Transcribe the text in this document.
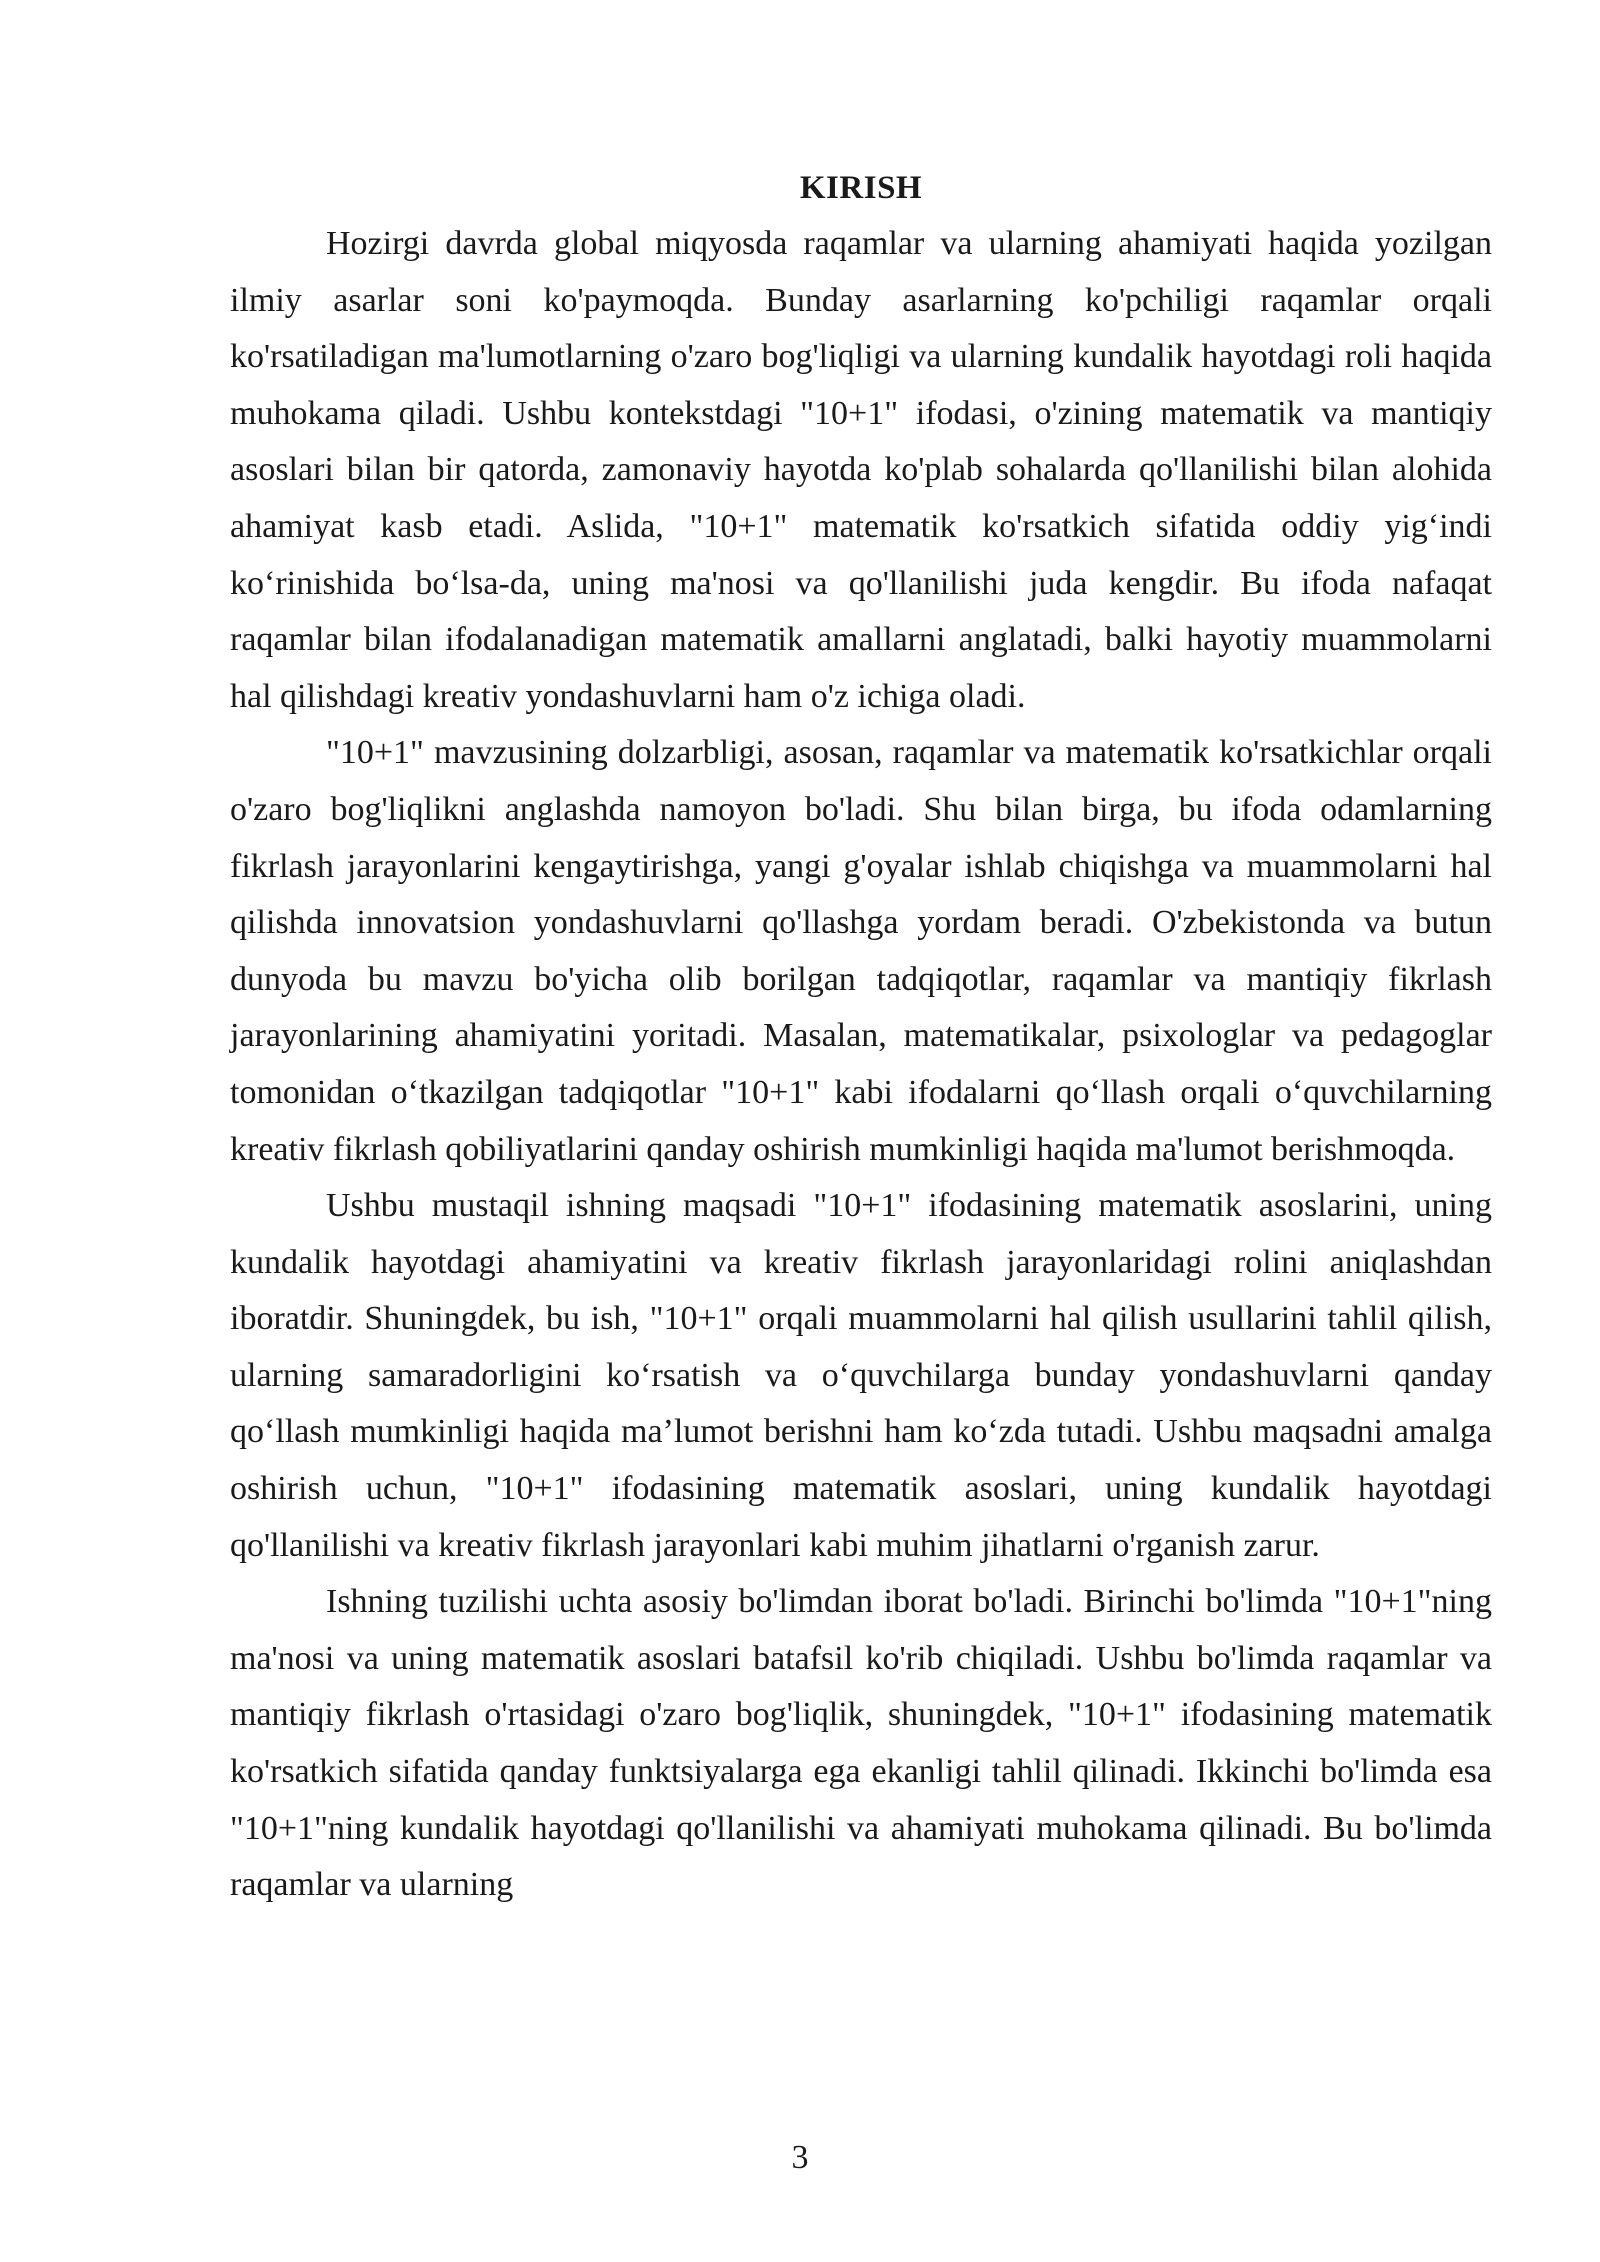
KIRISH

Hozirgi davrda global miqyosda raqamlar va ularning ahamiyati haqida yozilgan ilmiy asarlar soni ko'paymoqda. Bunday asarlarning ko'pchiligi raqamlar orqali ko'rsatiladigan ma'lumotlarning o'zaro bog'liqligi va ularning kundalik hayotdagi roli haqida muhokama qiladi. Ushbu kontekstdagi "10+1" ifodasi, o'zining matematik va mantiqiy asoslari bilan bir qatorda, zamonaviy hayotda ko'plab sohalarda qo'llanilishi bilan alohida ahamiyat kasb etadi. Aslida, "10+1" matematik ko'rsatkich sifatida oddiy yig‘indi ko‘rinishida bo‘lsa-da, uning ma'nosi va qo'llanilishi juda kengdir. Bu ifoda nafaqat raqamlar bilan ifodalanadigan matematik amallarni anglatadi, balki hayotiy muammolarni hal qilishdagi kreativ yondashuvlarni ham o'z ichiga oladi.

"10+1" mavzusining dolzarbligi, asosan, raqamlar va matematik ko'rsatkichlar orqali o'zaro bog'liqlikni anglashda namoyon bo'ladi. Shu bilan birga, bu ifoda odamlarning fikrlash jarayonlarini kengaytirishga, yangi g'oyalar ishlab chiqishga va muammolarni hal qilishda innovatsion yondashuvlarni qo'llashga yordam beradi. O'zbekistonda va butun dunyoda bu mavzu bo'yicha olib borilgan tadqiqotlar, raqamlar va mantiqiy fikrlash jarayonlarining ahamiyatini yoritadi. Masalan, matematikalar, psixologlar va pedagoglar tomonidan o‘tkazilgan tadqiqotlar "10+1" kabi ifodalarni qo‘llash orqali o‘quvchilarning kreativ fikrlash qobiliyatlarini qanday oshirish mumkinligi haqida ma'lumot berishmoqda.

Ushbu mustaqil ishning maqsadi "10+1" ifodasining matematik asoslarini, uning kundalik hayotdagi ahamiyatini va kreativ fikrlash jarayonlaridagi rolini aniqlashdan iboratdir. Shuningdek, bu ish, "10+1" orqali muammolarni hal qilish usullarini tahlil qilish, ularning samaradorligini ko‘rsatish va o‘quvchilarga bunday yondashuvlarni qanday qo‘llash mumkinligi haqida ma’lumot berishni ham ko‘zda tutadi. Ushbu maqsadni amalga oshirish uchun, "10+1" ifodasining matematik asoslari, uning kundalik hayotdagi qo'llanilishi va kreativ fikrlash jarayonlari kabi muhim jihatlarni o'rganish zarur.

Ishning tuzilishi uchta asosiy bo'limdan iborat bo'ladi. Birinchi bo'limda "10+1"ning ma'nosi va uning matematik asoslari batafsil ko'rib chiqiladi. Ushbu bo'limda raqamlar va mantiqiy fikrlash o'rtasidagi o'zaro bog'liqlik, shuningdek, "10+1" ifodasining matematik ko'rsatkich sifatida qanday funktsiyalarga ega ekanligi tahlil qilinadi. Ikkinchi bo'limda esa "10+1"ning kundalik hayotdagi qo'llanilishi va ahamiyati muhokama qilinadi. Bu bo'limda raqamlar va ularning

3
